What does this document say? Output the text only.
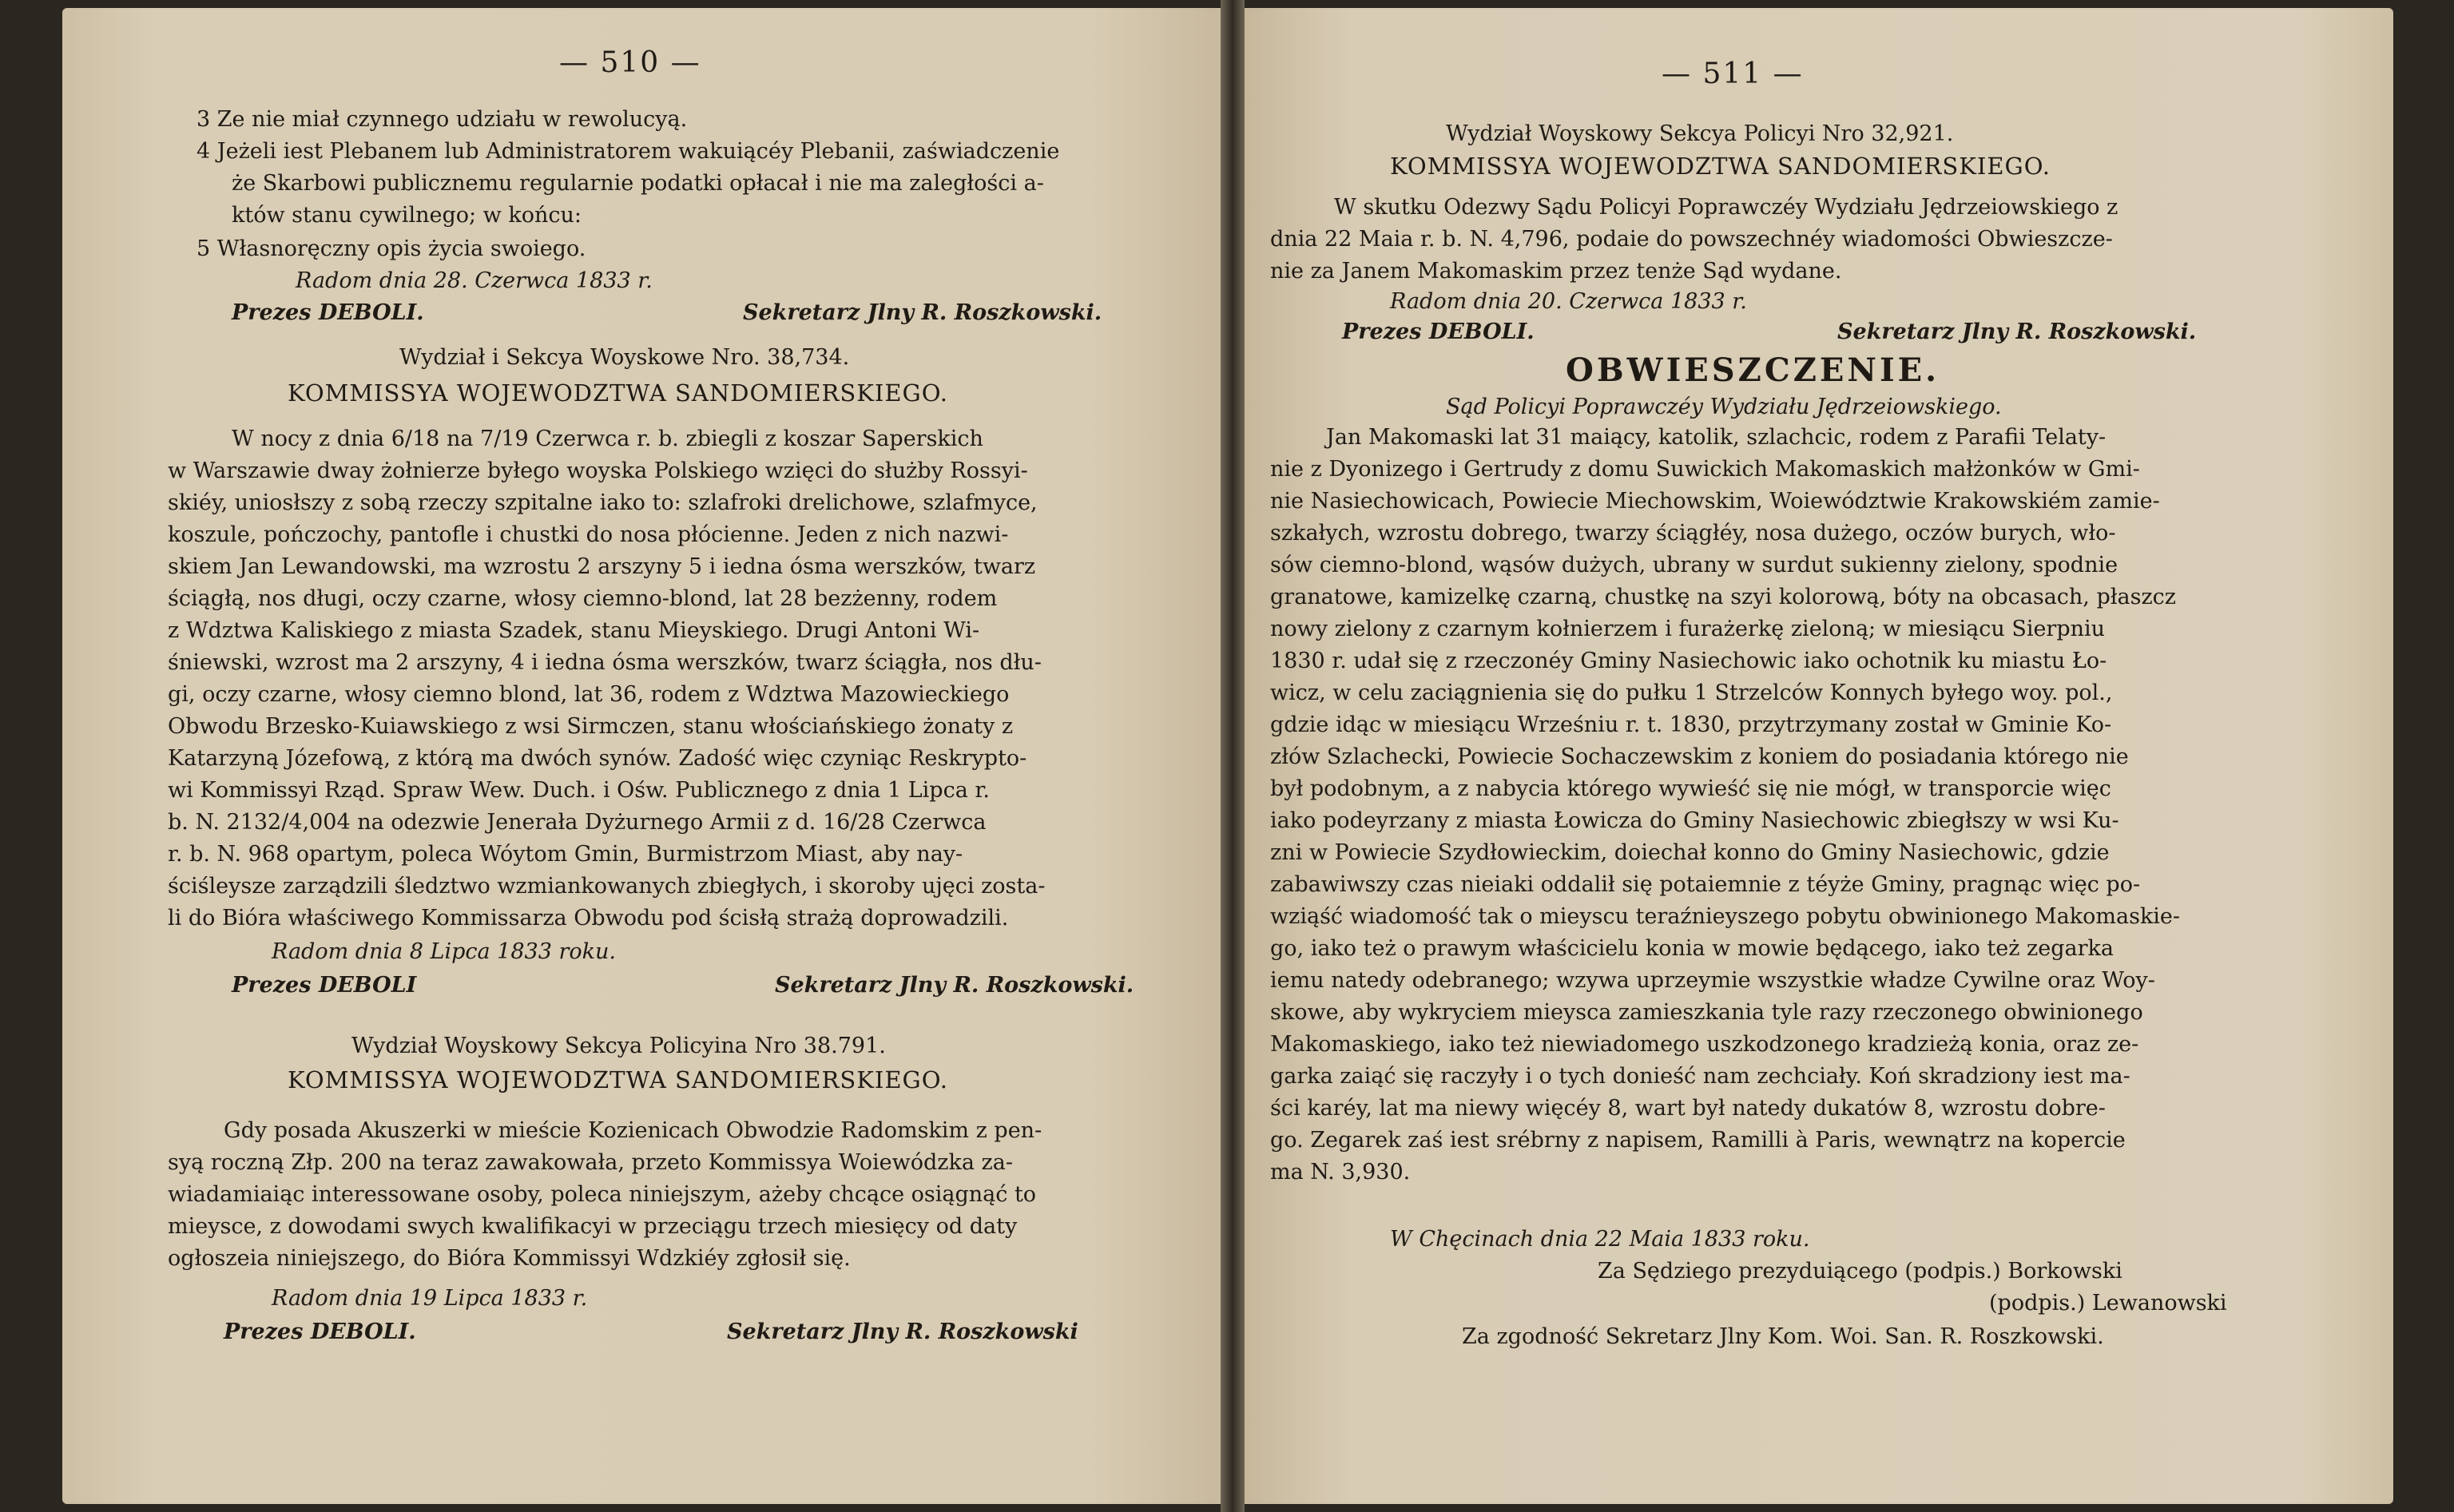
— 510 —
3 Ze nie miał czynnego udziału w rewolucyą.
4 Jeżeli iest Plebanem lub Administratorem wakuiącéy Plebanii, zaświadczenie
że Skarbowi publicznemu regularnie podatki opłacał i nie ma zaległości a-
któw stanu cywilnego; w końcu:
5 Własnoręczny opis życia swoiego.
Radom dnia 28. Czerwca 1833 r.
Prezes DEBOLI.	Sekretarz Jlny R. Roszkowski.
Wydział i Sekcya Woyskowe Nro. 38,734.
KOMMISSYA WOJEWODZTWA SANDOMIERSKIEGO.
W nocy z dnia 6/18 na 7/19 Czerwca r. b. zbiegli z koszar Saperskich
w Warszawie dway żołnierze byłego woyska Polskiego wzięci do służby Rossyi-
skiéy, uniosłszy z sobą rzeczy szpitalne iako to: szlafroki drelichowe, szlafmyce,
koszule, pończochy, pantofle i chustki do nosa płócienne. Jeden z nich nazwi-
skiem Jan Lewandowski, ma wzrostu 2 arszyny 5 i iedna ósma werszków, twarz
ściągłą, nos długi, oczy czarne, włosy ciemno-blond, lat 28 bezżenny, rodem
z Wdztwa Kaliskiego z miasta Szadek, stanu Mieyskiego. Drugi Antoni Wi-
śniewski, wzrost ma 2 arszyny, 4 i iedna ósma werszków, twarz ściągła, nos dłu-
gi, oczy czarne, włosy ciemno blond, lat 36, rodem z Wdztwa Mazowieckiego
Obwodu Brzesko-Kuiawskiego z wsi Sirmczen, stanu włościańskiego żonaty z
Katarzyną Józefową, z którą ma dwóch synów. Zadość więc czyniąc Reskrypto-
wi Kommissyi Rząd. Spraw Wew. Duch. i Ośw. Publicznego z dnia 1 Lipca r.
b. N. 2132/4,004 na odezwie Jenerała Dyżurnego Armii z d. 16/28 Czerwca
r. b. N. 968 opartym, poleca Wóytom Gmin, Burmistrzom Miast, aby nay-
ściśleysze zarządzili śledztwo wzmiankowanych zbiegłych, i skoroby ujęci zosta-
li do Bióra właściwego Kommissarza Obwodu pod ścisłą strażą doprowadzili.
Radom dnia 8 Lipca 1833 roku.
Prezes DEBOLI	Sekretarz Jlny R. Roszkowski.
Wydział Woyskowy Sekcya Policyina Nro 38.791.
KOMMISSYA WOJEWODZTWA SANDOMIERSKIEGO.
Gdy posada Akuszerki w mieście Kozienicach Obwodzie Radomskim z pen-
syą roczną Złp. 200 na teraz zawakowała, przeto Kommissya Woiewódzka za-
wiadamiaiąc interessowane osoby, poleca niniejszym, ażeby chcące osiągnąć to
mieysce, z dowodami swych kwalifikacyi w przeciągu trzech miesięcy od daty
ogłoszeia niniejszego, do Bióra Kommissyi Wdzkiéy zgłosił się.
Radom dnia 19 Lipca 1833 r.
Prezes DEBOLI.	Sekretarz Jlny R. Roszkowski
— 511 —
Wydział Woyskowy Sekcya Policyi Nro 32,921.
KOMMISSYA WOJEWODZTWA SANDOMIERSKIEGO.
W skutku Odezwy Sądu Policyi Poprawczéy Wydziału Jędrzeiowskiego z
dnia 22 Maia r. b. N. 4,796, podaie do powszechnéy wiadomości Obwieszcze-
nie za Janem Makomaskim przez tenże Sąd wydane.
Radom dnia 20. Czerwca 1833 r.
Prezes DEBOLI.	Sekretarz Jlny R. Roszkowski.
OBWIESZCZENIE.
Sąd Policyi Poprawczéy Wydziału Jędrzeiowskiego.
Jan Makomaski lat 31 maiący, katolik, szlachcic, rodem z Parafii Telaty-
nie z Dyonizego i Gertrudy z domu Suwickich Makomaskich małżonków w Gmi-
nie Nasiechowicach, Powiecie Miechowskim, Woiewództwie Krakowskiém zamie-
szkałych, wzrostu dobrego, twarzy ściągłéy, nosa dużego, oczów burych, wło-
sów ciemno-blond, wąsów dużych, ubrany w surdut sukienny zielony, spodnie
granatowe, kamizelkę czarną, chustkę na szyi kolorową, bóty na obcasach, płaszcz
nowy zielony z czarnym kołnierzem i furażerkę zieloną; w miesiącu Sierpniu
1830 r. udał się z rzeczonéy Gminy Nasiechowic iako ochotnik ku miastu Ło-
wicz, w celu zaciągnienia się do pułku 1 Strzelców Konnych byłego woy. pol.,
gdzie idąc w miesiącu Wrześniu r. t. 1830, przytrzymany został w Gminie Ko-
złów Szlachecki, Powiecie Sochaczewskim z koniem do posiadania którego nie
był podobnym, a z nabycia którego wywieść się nie mógł, w transporcie więc
iako podeyrzany z miasta Łowicza do Gminy Nasiechowic zbiegłszy w wsi Ku-
zni w Powiecie Szydłowieckim, doiechał konno do Gminy Nasiechowic, gdzie
zabawiwszy czas nieiaki oddalił się potaiemnie z téyże Gminy, pragnąc więc po-
wziąść wiadomość tak o mieyscu teraźnieyszego pobytu obwinionego Makomaskie-
go, iako też o prawym właścicielu konia w mowie będącego, iako też zegarka
iemu natedy odebranego; wzywa uprzeymie wszystkie władze Cywilne oraz Woy-
skowe, aby wykryciem mieysca zamieszkania tyle razy rzeczonego obwinionego
Makomaskiego, iako też niewiadomego uszkodzonego kradzieżą konia, oraz ze-
garka zaiąć się raczyły i o tych donieść nam zechciały. Koń skradziony iest ma-
ści karéy, lat ma niewy więcéy 8, wart był natedy dukatów 8, wzrostu dobre-
go. Zegarek zaś iest srébrny z napisem, Ramilli à Paris, wewnątrz na kopercie
ma N. 3,930.
W Chęcinach dnia 22 Maia 1833 roku.
Za Sędziego prezyduiącego (podpis.) Borkowski
(podpis.) Lewanowski
Za zgodność Sekretarz Jlny Kom. Woi. San. R. Roszkowski.
